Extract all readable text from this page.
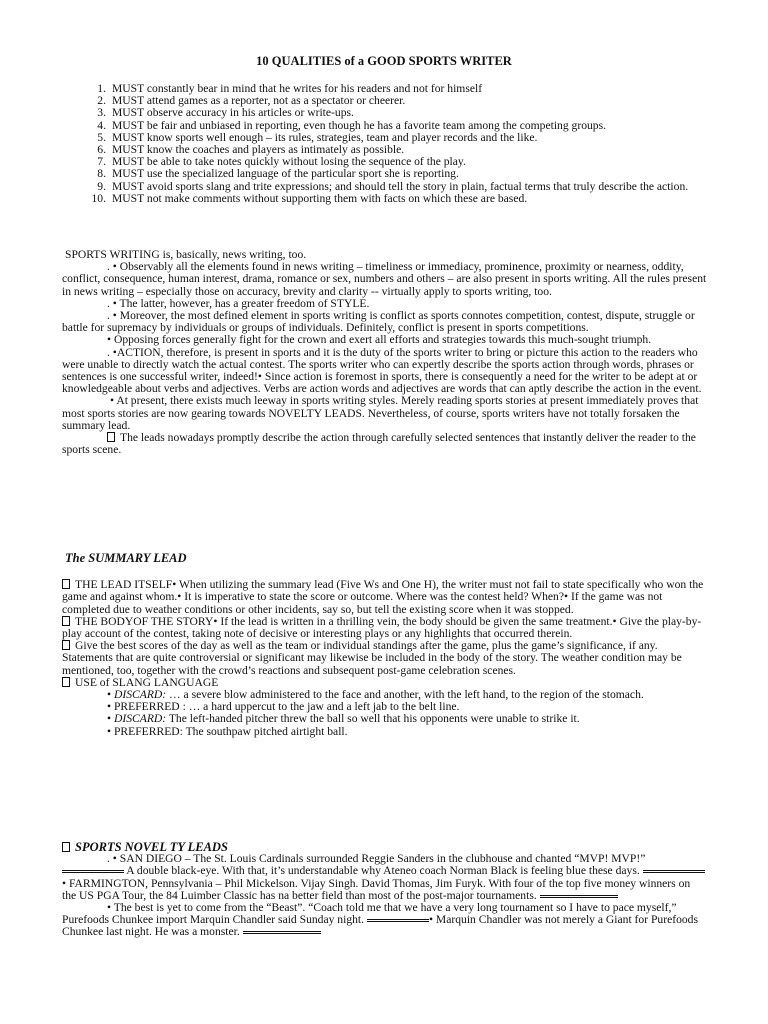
10 QUALITIES of a GOOD SPORTS WRITER
1. MUST constantly bear in mind that he writes for his readers and not for himself
2. MUST attend games as a reporter, not as a spectator or cheerer.
3. MUST observe accuracy in his articles or write-ups.
4. MUST be fair and unbiased in reporting, even though he has a favorite team among the competing groups.
5. MUST know sports well enough – its rules, strategies, team and player records and the like.
6. MUST know the coaches and players as intimately as possible.
7. MUST be able to take notes quickly without losing the sequence of the play.
8. MUST use the specialized language of the particular sport she is reporting.
9. MUST avoid sports slang and trite expressions; and should tell the story in plain, factual terms that truly describe the action.
10. MUST not make comments without supporting them with facts on which these are based.

SPORTS WRITING is, basically, news writing, too.

. • Observably all the elements found in news writing – timeliness or immediacy, prominence, proximity or nearness, oddity, conflict, consequence, human interest, drama, romance or sex, numbers and others – are also present in sports writing. All the rules present in news writing – especially those on accuracy, brevity and clarity -- virtually apply to sports writing, too.

. • The latter, however, has a greater freedom of STYLE.

. • Moreover, the most defined element in sports writing is conflict as sports connotes competition, contest, dispute, struggle or battle for supremacy by individuals or groups of individuals. Definitely, conflict is present in sports competitions.

• Opposing forces generally fight for the crown and exert all efforts and strategies towards this much-sought triumph.

. •ACTION, therefore, is present in sports and it is the duty of the sports writer to bring or picture this action to the readers who were unable to directly watch the actual contest. The sports writer who can expertly describe the sports action through words, phrases or sentences is one successful writer, indeed!• Since action is foremost in sports, there is consequently a need for the writer to be adept at or knowledgeable about verbs and adjectives. Verbs are action words and adjectives are words that can aptly describe the action in the event.

• At present, there exists much leeway in sports writing styles. Merely reading sports stories at present immediately proves that most sports stories are now gearing towards NOVELTY LEADS. Nevertheless, of course, sports writers have not totally forsaken the summary lead.

The leads nowadays promptly describe the action through carefully selected sentences that instantly deliver the reader to the sports scene.

The SUMMARY LEAD

THE LEAD ITSELF• When utilizing the summary lead (Five Ws and One H), the writer must not fail to state specifically who won the game and against whom.• It is imperative to state the score or outcome. Where was the contest held? When?• If the game was not completed due to weather conditions or other incidents, say so, but tell the existing score when it was stopped.

THE BODYOF THE STORY• If the lead is written in a thrilling vein, the body should be given the same treatment.• Give the play-by-play account of the contest, taking note of decisive or interesting plays or any highlights that occurred therein.

Give the best scores of the day as well as the team or individual standings after the game, plus the game’s significance, if any. Statements that are quite controversial or significant may likewise be included in the body of the story. The weather condition may be mentioned, too, together with the crowd’s reactions and subsequent post-game celebration scenes.

USE of SLANG LANGUAGE

• DISCARD: … a severe blow administered to the face and another, with the left hand, to the region of the stomach.

• PREFERRED : … a hard uppercut to the jaw and a left jab to the belt line.

• DISCARD: The left-handed pitcher threw the ball so well that his opponents were unable to strike it.

• PREFERRED: The southpaw pitched airtight ball.

SPORTS NOVEL TY LEADS

. • SAN DIEGO – The St. Louis Cardinals surrounded Reggie Sanders in the clubhouse and chanted “MVP! MVP!”  A double black-eye. With that, it’s understandable why Ateneo coach Norman Black is feeling blue these days. • FARMINGTON, Pennsylvania – Phil Mickelson. Vijay Singh. David Thomas, Jim Furyk. With four of the top five money winners on the US PGA Tour, the 84 Luimber Classic has na better field than most of the post-major tournaments.

• The best is yet to come from the “Beast”. “Coach told me that we have a very long tournament so I have to pace myself,” Purefoods Chunkee import Marquin Chandler said Sunday night.	• Marquin Chandler was not merely a Giant for Purefoods Chunkee last night. He was a monster.
